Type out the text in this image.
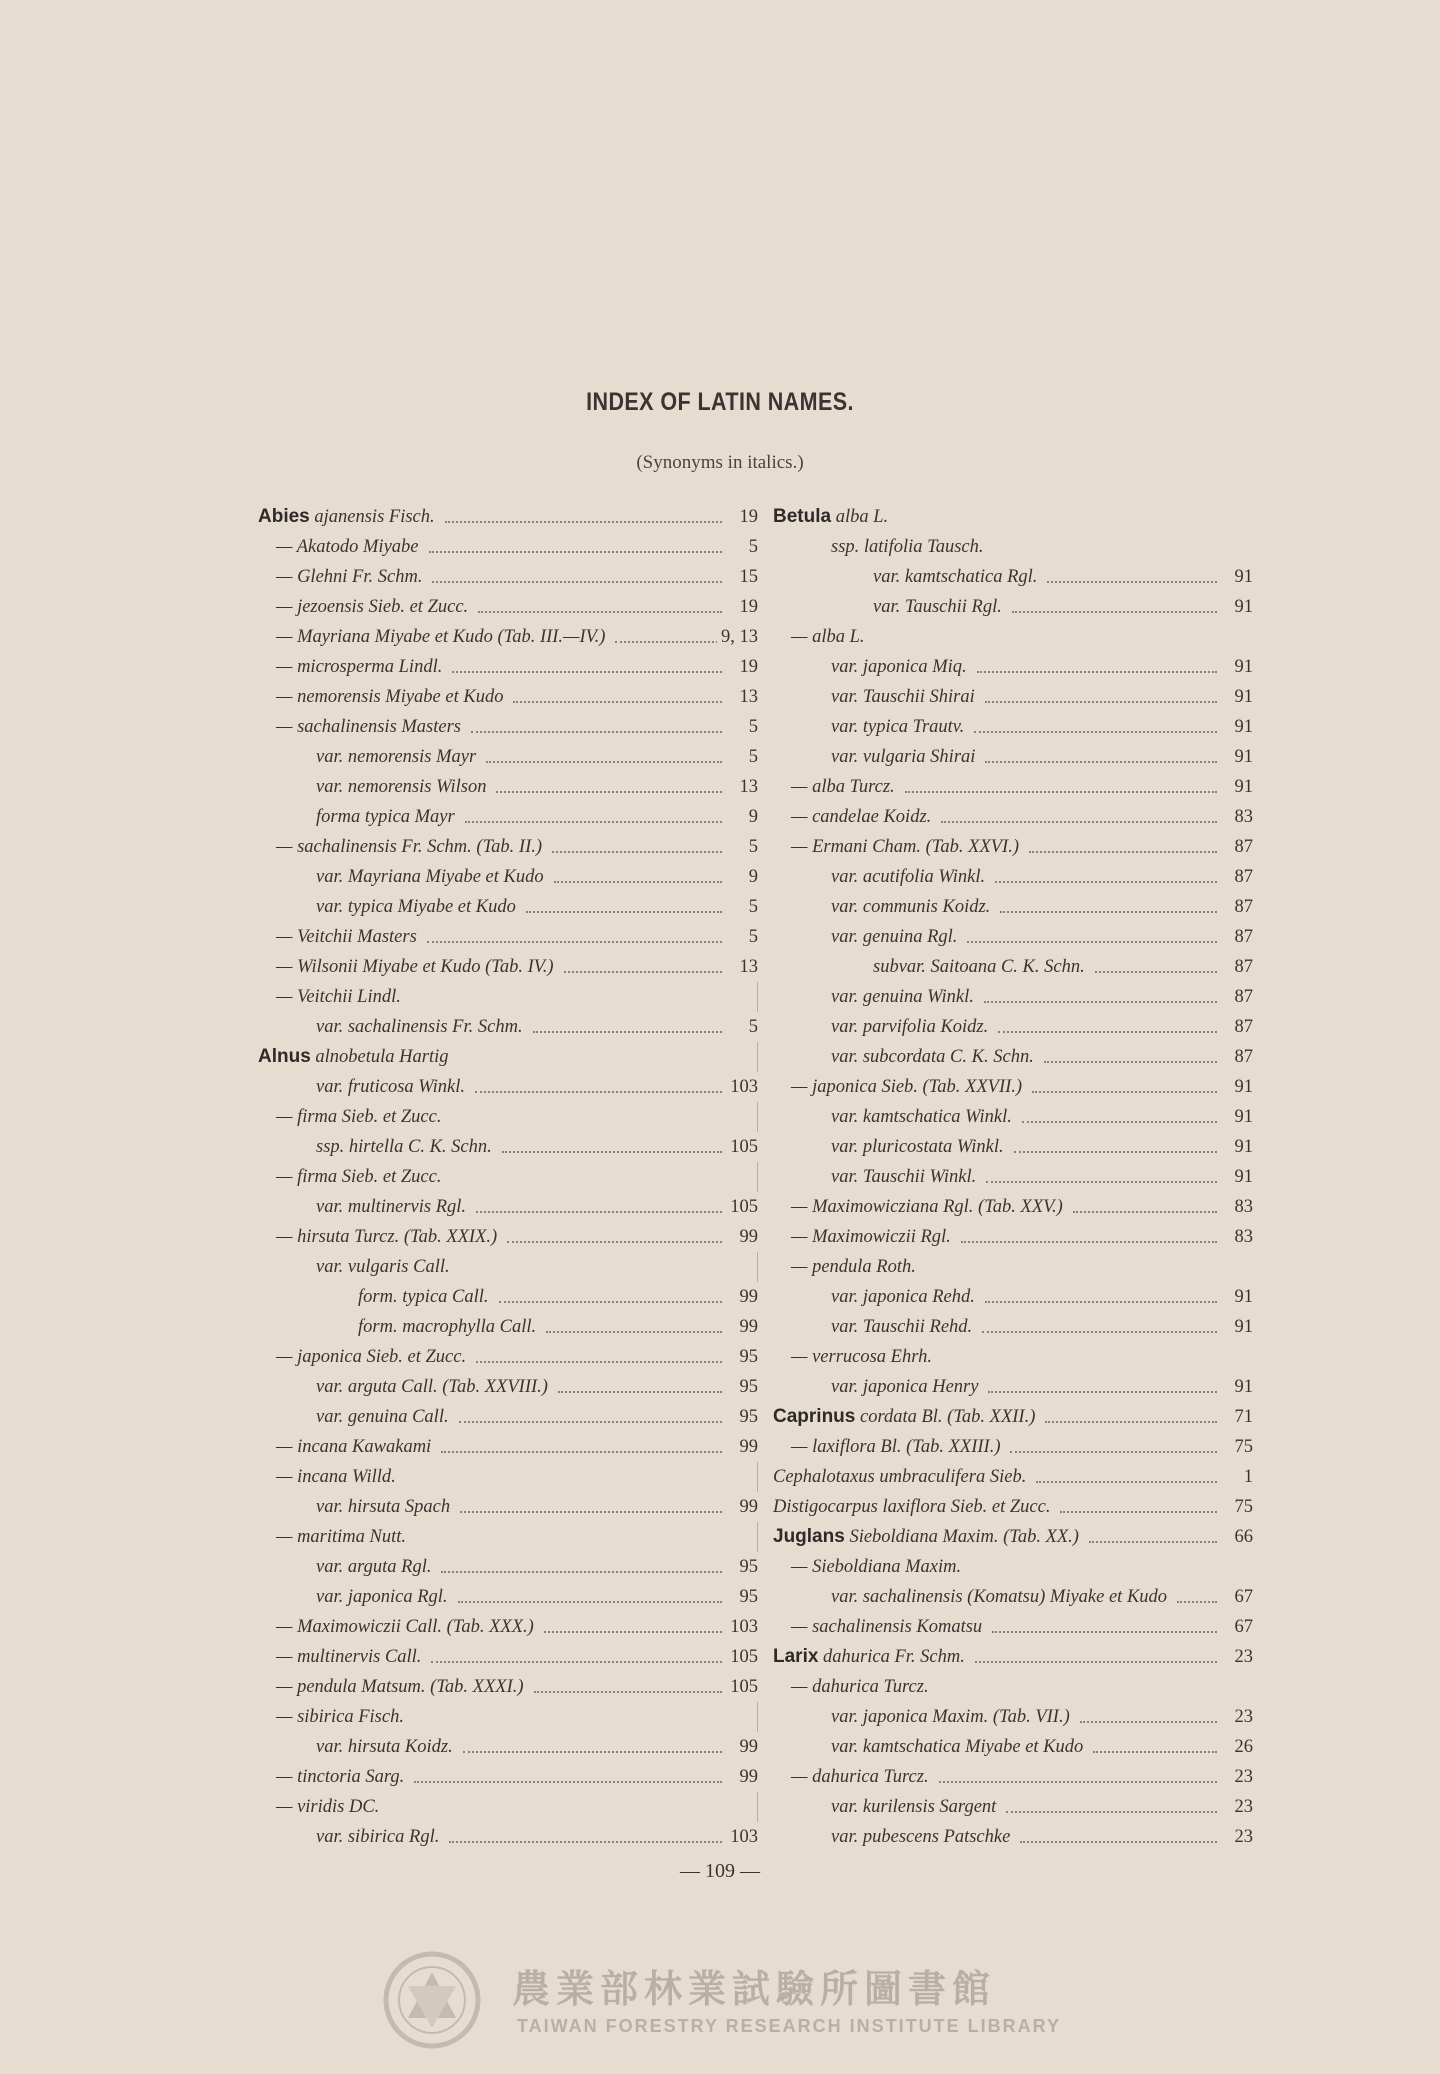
INDEX OF LATIN NAMES.
(Synonyms in italics.)
Abies ajanensis Fisch.	19
— Akatodo Miyabe	5
— Glehni Fr. Schm.	15
— jezoensis Sieb. et Zucc.	19
— Mayriana Miyabe et Kudo (Tab. III.—IV.)	9, 13
— microsperma Lindl.	19
— nemorensis Miyabe et Kudo	13
— sachalinensis Masters	5
var. nemorensis Mayr	5
var. nemorensis Wilson	13
forma typica Mayr	9
— sachalinensis Fr. Schm. (Tab. II.)	5
var. Mayriana Miyabe et Kudo	9
var. typica Miyabe et Kudo	5
— Veitchii Masters	5
— Wilsonii Miyabe et Kudo (Tab. IV.)	13
— Veitchii Lindl.
var. sachalinensis Fr. Schm.	5
Alnus alnobetula Hartig
var. fruticosa Winkl.	103
— firma Sieb. et Zucc.
ssp. hirtella C. K. Schn.	105
— firma Sieb. et Zucc.
var. multinervis Rgl.	105
— hirsuta Turcz. (Tab. XXIX.)	99
var. vulgaris Call.
form. typica Call.	99
form. macrophylla Call.	99
— japonica Sieb. et Zucc.	95
var. arguta Call. (Tab. XXVIII.)	95
var. genuina Call.	95
— incana Kawakami	99
— incana Willd.
var. hirsuta Spach	99
— maritima Nutt.
var. arguta Rgl.	95
var. japonica Rgl.	95
— Maximowiczii Call. (Tab. XXX.)	103
— multinervis Call.	105
— pendula Matsum. (Tab. XXXI.)	105
— sibirica Fisch.
var. hirsuta Koidz.	99
— tinctoria Sarg.	99
— viridis DC.
var. sibirica Rgl.	103
Betula alba L.
ssp. latifolia Tausch.
var. kamtschatica Rgl.	91
var. Tauschii Rgl.	91
— alba L.
var. japonica Miq.	91
var. Tauschii Shirai	91
var. typica Trautv.	91
var. vulgaria Shirai	91
— alba Turcz.	91
— candelae Koidz.	83
— Ermani Cham. (Tab. XXVI.)	87
var. acutifolia Winkl.	87
var. communis Koidz.	87
var. genuina Rgl.	87
subvar. Saitoana C. K. Schn.	87
var. genuina Winkl.	87
var. parvifolia Koidz.	87
var. subcordata C. K. Schn.	87
— japonica Sieb. (Tab. XXVII.)	91
var. kamtschatica Winkl.	91
var. pluricostata Winkl.	91
var. Tauschii Winkl.	91
— Maximowicziana Rgl. (Tab. XXV.)	83
— Maximowiczii Rgl.	83
— pendula Roth.
var. japonica Rehd.	91
var. Tauschii Rehd.	91
— verrucosa Ehrh.
var. japonica Henry	91
Caprinus cordata Bl. (Tab. XXII.)	71
— laxiflora Bl. (Tab. XXIII.)	75
Cephalotaxus umbraculifera Sieb.	1
Distigocarpus laxiflora Sieb. et Zucc.	75
Juglans Sieboldiana Maxim. (Tab. XX.)	66
— Sieboldiana Maxim.
var. sachalinensis (Komatsu) Miyake et Kudo	67
— sachalinensis Komatsu	67
Larix dahurica Fr. Schm.	23
— dahurica Turcz.
var. japonica Maxim. (Tab. VII.)	23
var. kamtschatica Miyabe et Kudo	26
— dahurica Turcz.	23
var. kurilensis Sargent	23
var. pubescens Patschke	23
— 109 —
農業部林業試驗所圖書館
TAIWAN FORESTRY RESEARCH INSTITUTE LIBRARY
